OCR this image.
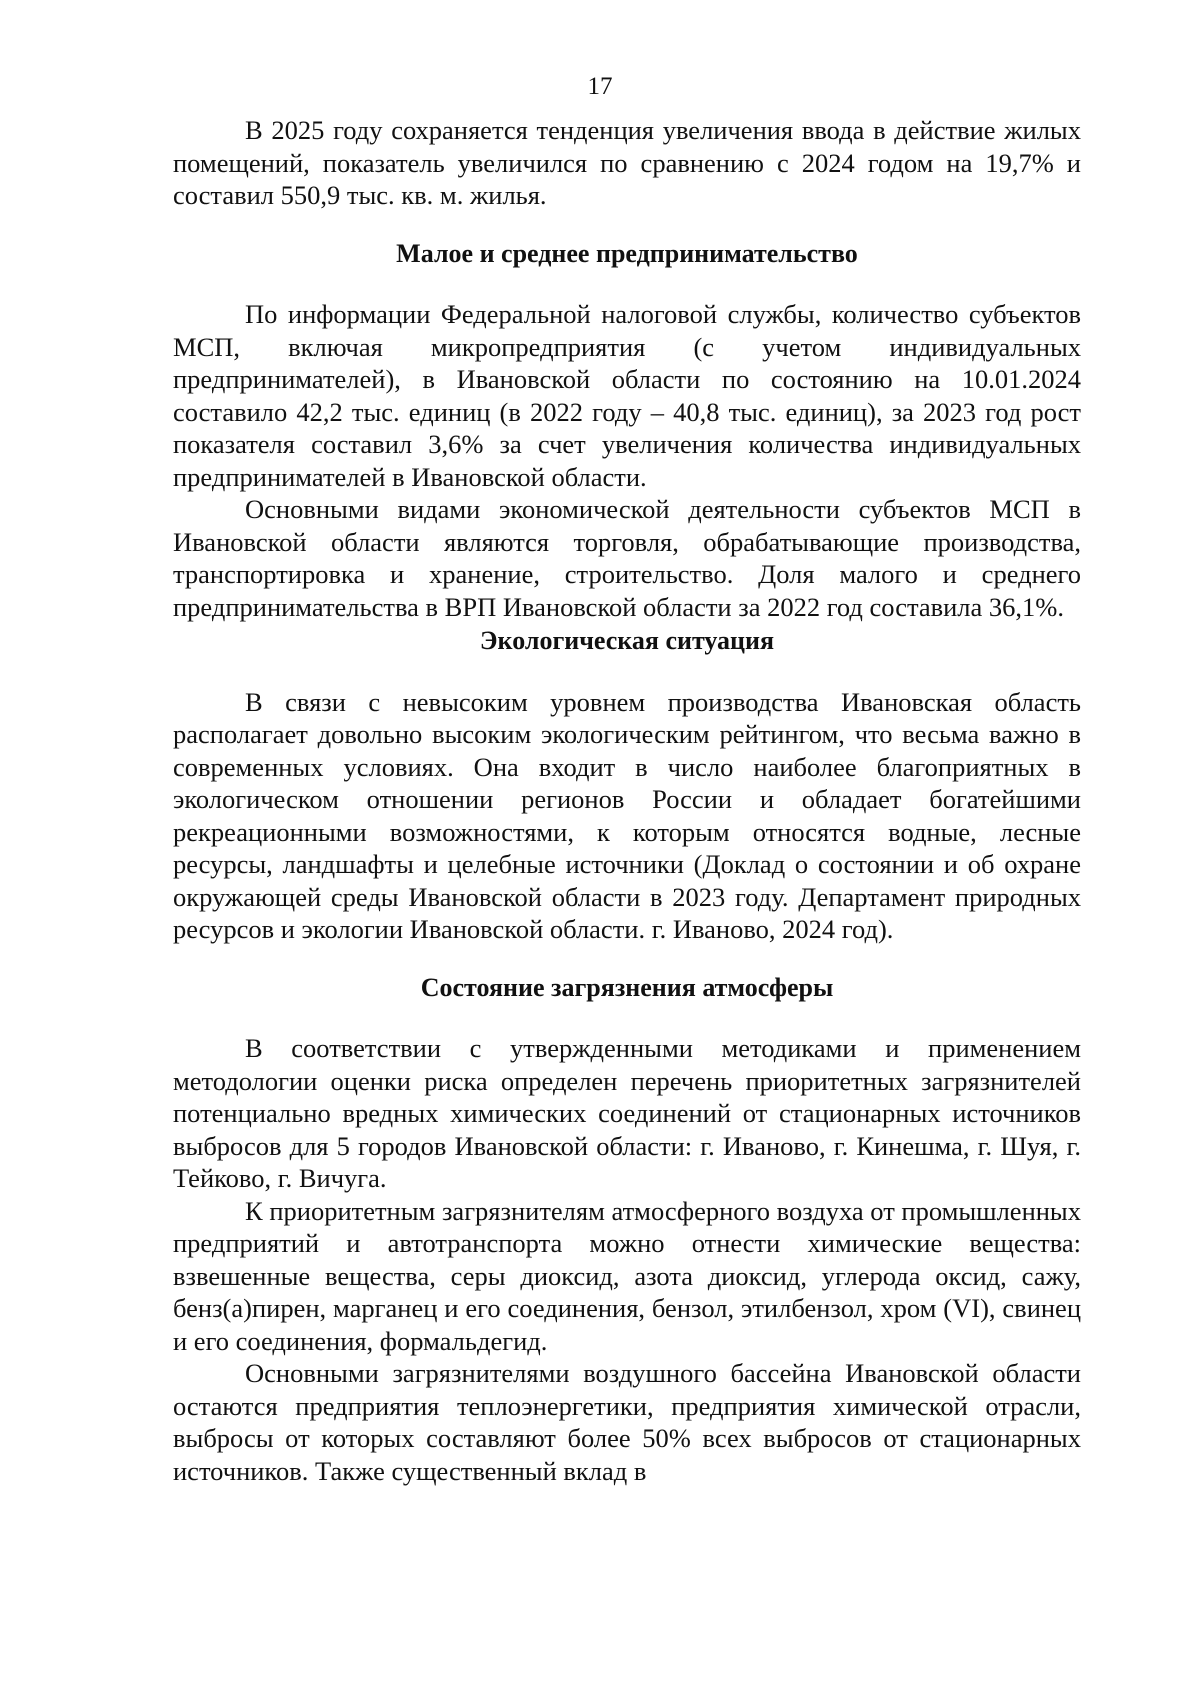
17

В 2025 году сохраняется тенденция увеличения ввода в действие жилых помещений, показатель увеличился по сравнению с 2024 годом на 19,7% и составил 550,9 тыс. кв. м. жилья.

Малое и среднее предпринимательство

По информации Федеральной налоговой службы, количество субъектов МСП, включая микропредприятия (с учетом индивидуальных предпринимателей), в Ивановской области по состоянию на 10.01.2024 составило 42,2 тыс. единиц (в 2022 году – 40,8 тыс. единиц), за 2023 год рост показателя составил 3,6% за счет увеличения количества индивидуальных предпринимателей в Ивановской области.

Основными видами экономической деятельности субъектов МСП в Ивановской области являются торговля, обрабатывающие производства, транспортировка и хранение, строительство. Доля малого и среднего предпринимательства в ВРП Ивановской области за 2022 год составила 36,1%.

Экологическая ситуация

В связи с невысоким уровнем производства Ивановская область располагает довольно высоким экологическим рейтингом, что весьма важно в современных условиях. Она входит в число наиболее благоприятных в экологическом отношении регионов России и обладает богатейшими рекреационными возможностями, к которым относятся водные, лесные ресурсы, ландшафты и целебные источники (Доклад о состоянии и об охране окружающей среды Ивановской области в 2023 году. Департамент природных ресурсов и экологии Ивановской области. г. Иваново, 2024 год).

Состояние загрязнения атмосферы

В соответствии с утвержденными методиками и применением методологии оценки риска определен перечень приоритетных загрязнителей потенциально вредных химических соединений от стационарных источников выбросов для 5 городов Ивановской области: г. Иваново, г. Кинешма, г. Шуя, г. Тейково, г. Вичуга.

К приоритетным загрязнителям атмосферного воздуха от промышленных предприятий и автотранспорта можно отнести химические вещества: взвешенные вещества, серы диоксид, азота диоксид, углерода оксид, сажу, бенз(а)пирен, марганец и его соединения, бензол, этилбензол, хром (VI), свинец и его соединения, формальдегид.

Основными загрязнителями воздушного бассейна Ивановской области остаются предприятия теплоэнергетики, предприятия химической отрасли, выбросы от которых составляют более 50% всех выбросов от стационарных источников. Также существенный вклад в
